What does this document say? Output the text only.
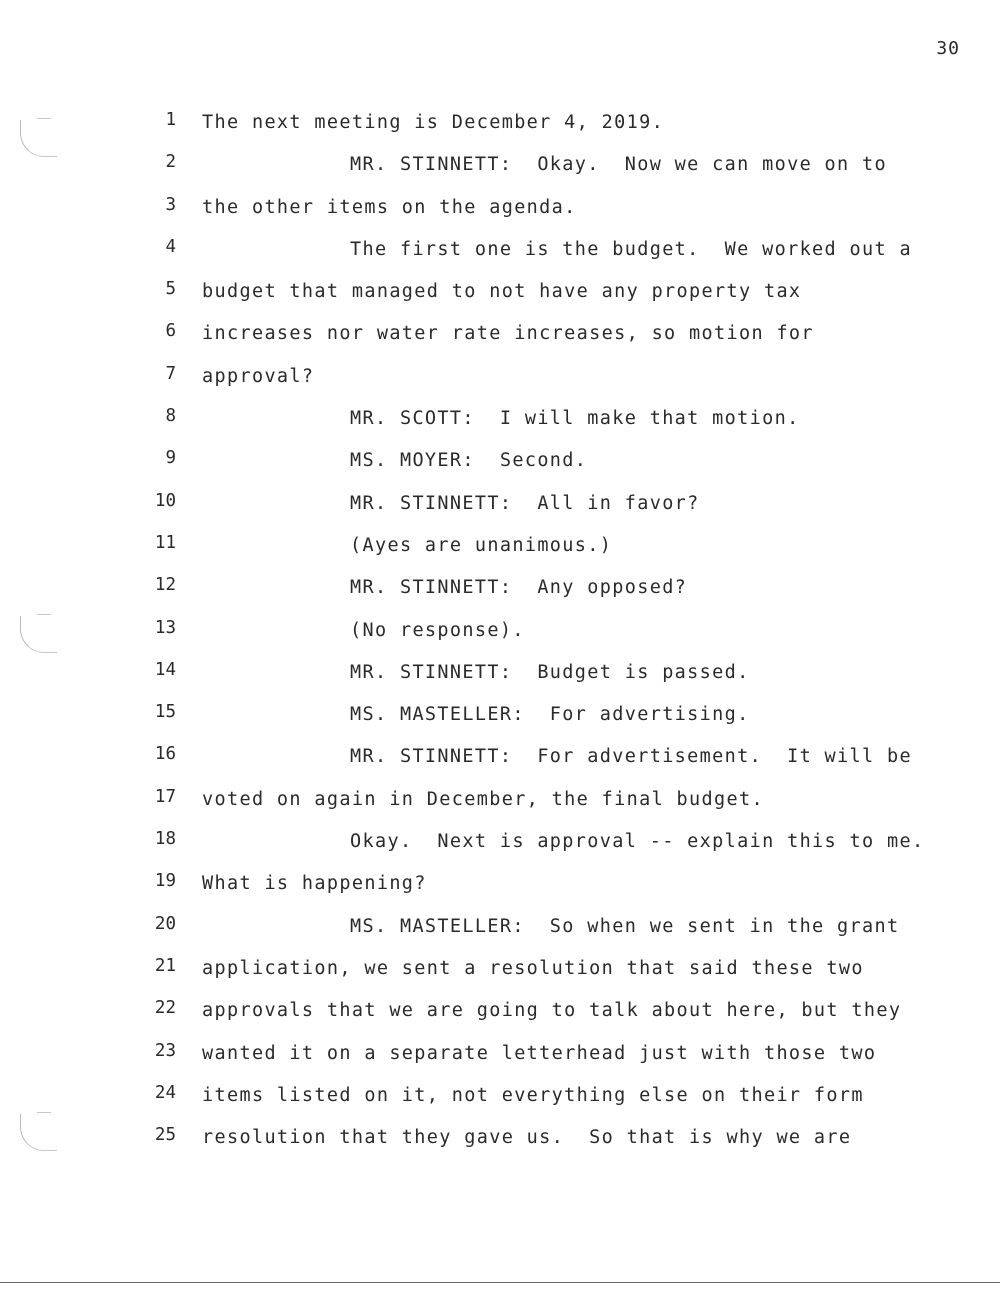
30
1 The next meeting is December 4, 2019.
2	MR. STINNETT:  Okay.  Now we can move on to
3 the other items on the agenda.
4	The first one is the budget.  We worked out a
5 budget that managed to not have any property tax
6 increases nor water rate increases, so motion for
7 approval?
8	MR. SCOTT:  I will make that motion.
9	MS. MOYER:  Second.
10	MR. STINNETT:  All in favor?
11	(Ayes are unanimous.)
12	MR. STINNETT:  Any opposed?
13	(No response).
14	MR. STINNETT:  Budget is passed.
15	MS. MASTELLER:  For advertising.
16	MR. STINNETT:  For advertisement.  It will be
17 voted on again in December, the final budget.
18	Okay.  Next is approval -- explain this to me.
19 What is happening?
20	MS. MASTELLER:  So when we sent in the grant
21 application, we sent a resolution that said these two
22 approvals that we are going to talk about here, but they
23 wanted it on a separate letterhead just with those two
24 items listed on it, not everything else on their form
25 resolution that they gave us.  So that is why we are
